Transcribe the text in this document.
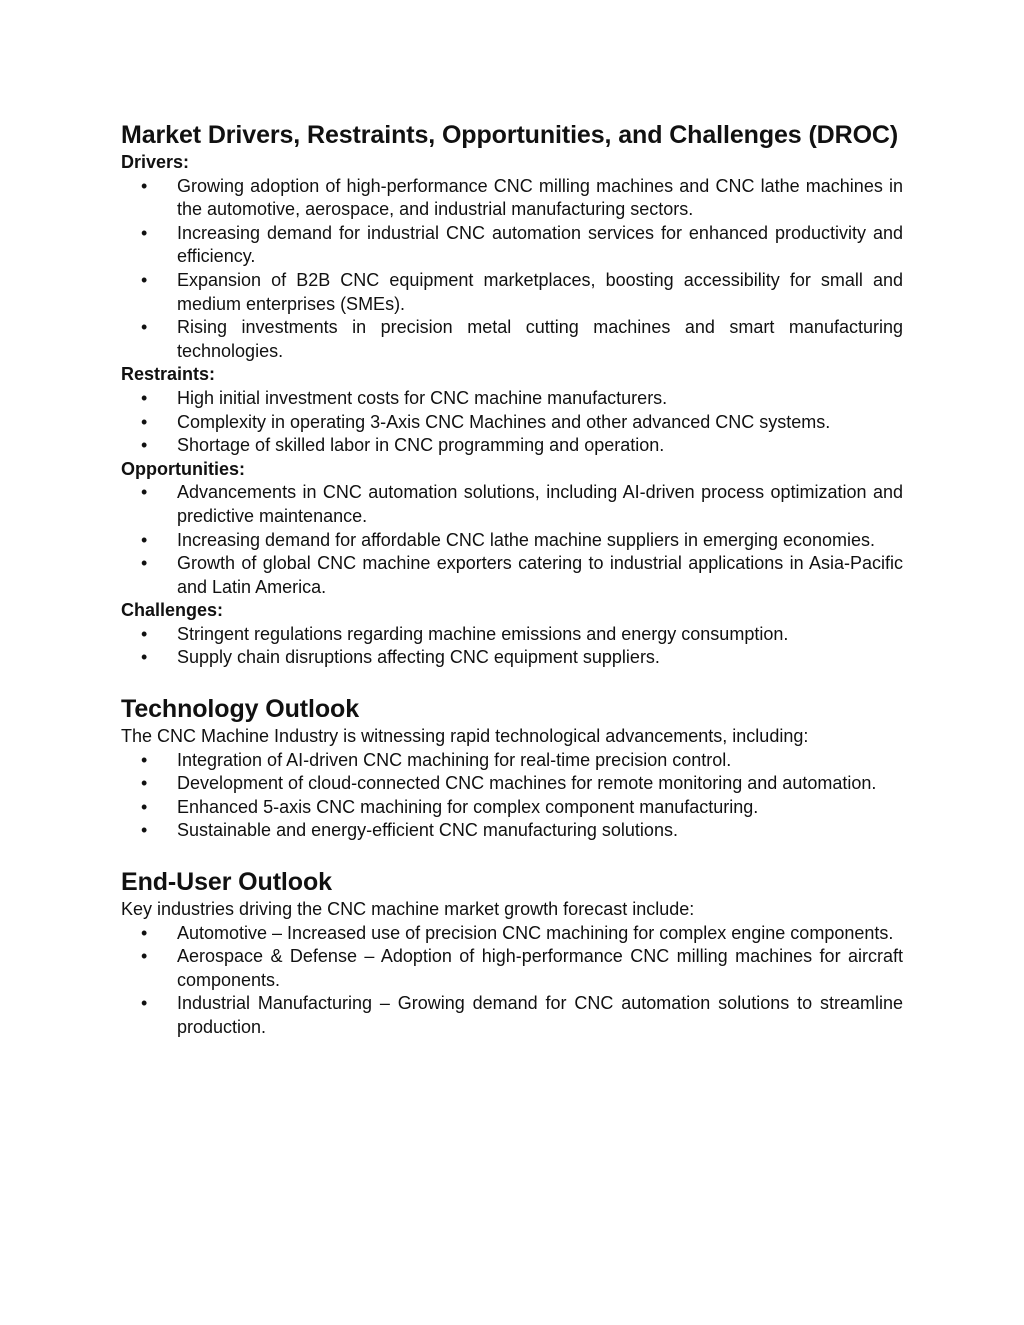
Market Drivers, Restraints, Opportunities, and Challenges (DROC)
Drivers:
• Growing adoption of high-performance CNC milling machines and CNC lathe machines in the automotive, aerospace, and industrial manufacturing sectors.
• Increasing demand for industrial CNC automation services for enhanced productivity and efficiency.
• Expansion of B2B CNC equipment marketplaces, boosting accessibility for small and medium enterprises (SMEs).
• Rising investments in precision metal cutting machines and smart manufacturing technologies.
Restraints:
• High initial investment costs for CNC machine manufacturers.
• Complexity in operating 3-Axis CNC Machines and other advanced CNC systems.
• Shortage of skilled labor in CNC programming and operation.
Opportunities:
• Advancements in CNC automation solutions, including AI-driven process optimization and predictive maintenance.
• Increasing demand for affordable CNC lathe machine suppliers in emerging economies.
• Growth of global CNC machine exporters catering to industrial applications in Asia-Pacific and Latin America.
Challenges:
• Stringent regulations regarding machine emissions and energy consumption.
• Supply chain disruptions affecting CNC equipment suppliers.
Technology Outlook

The CNC Machine Industry is witnessing rapid technological advancements, including:

• Integration of AI-driven CNC machining for real-time precision control.
• Development of cloud-connected CNC machines for remote monitoring and automation.
• Enhanced 5-axis CNC machining for complex component manufacturing.
• Sustainable and energy-efficient CNC manufacturing solutions.
End-User Outlook

Key industries driving the CNC machine market growth forecast include:

• Automotive – Increased use of precision CNC machining for complex engine components.
• Aerospace & Defense – Adoption of high-performance CNC milling machines for aircraft components.
• Industrial Manufacturing – Growing demand for CNC automation solutions to streamline production.
